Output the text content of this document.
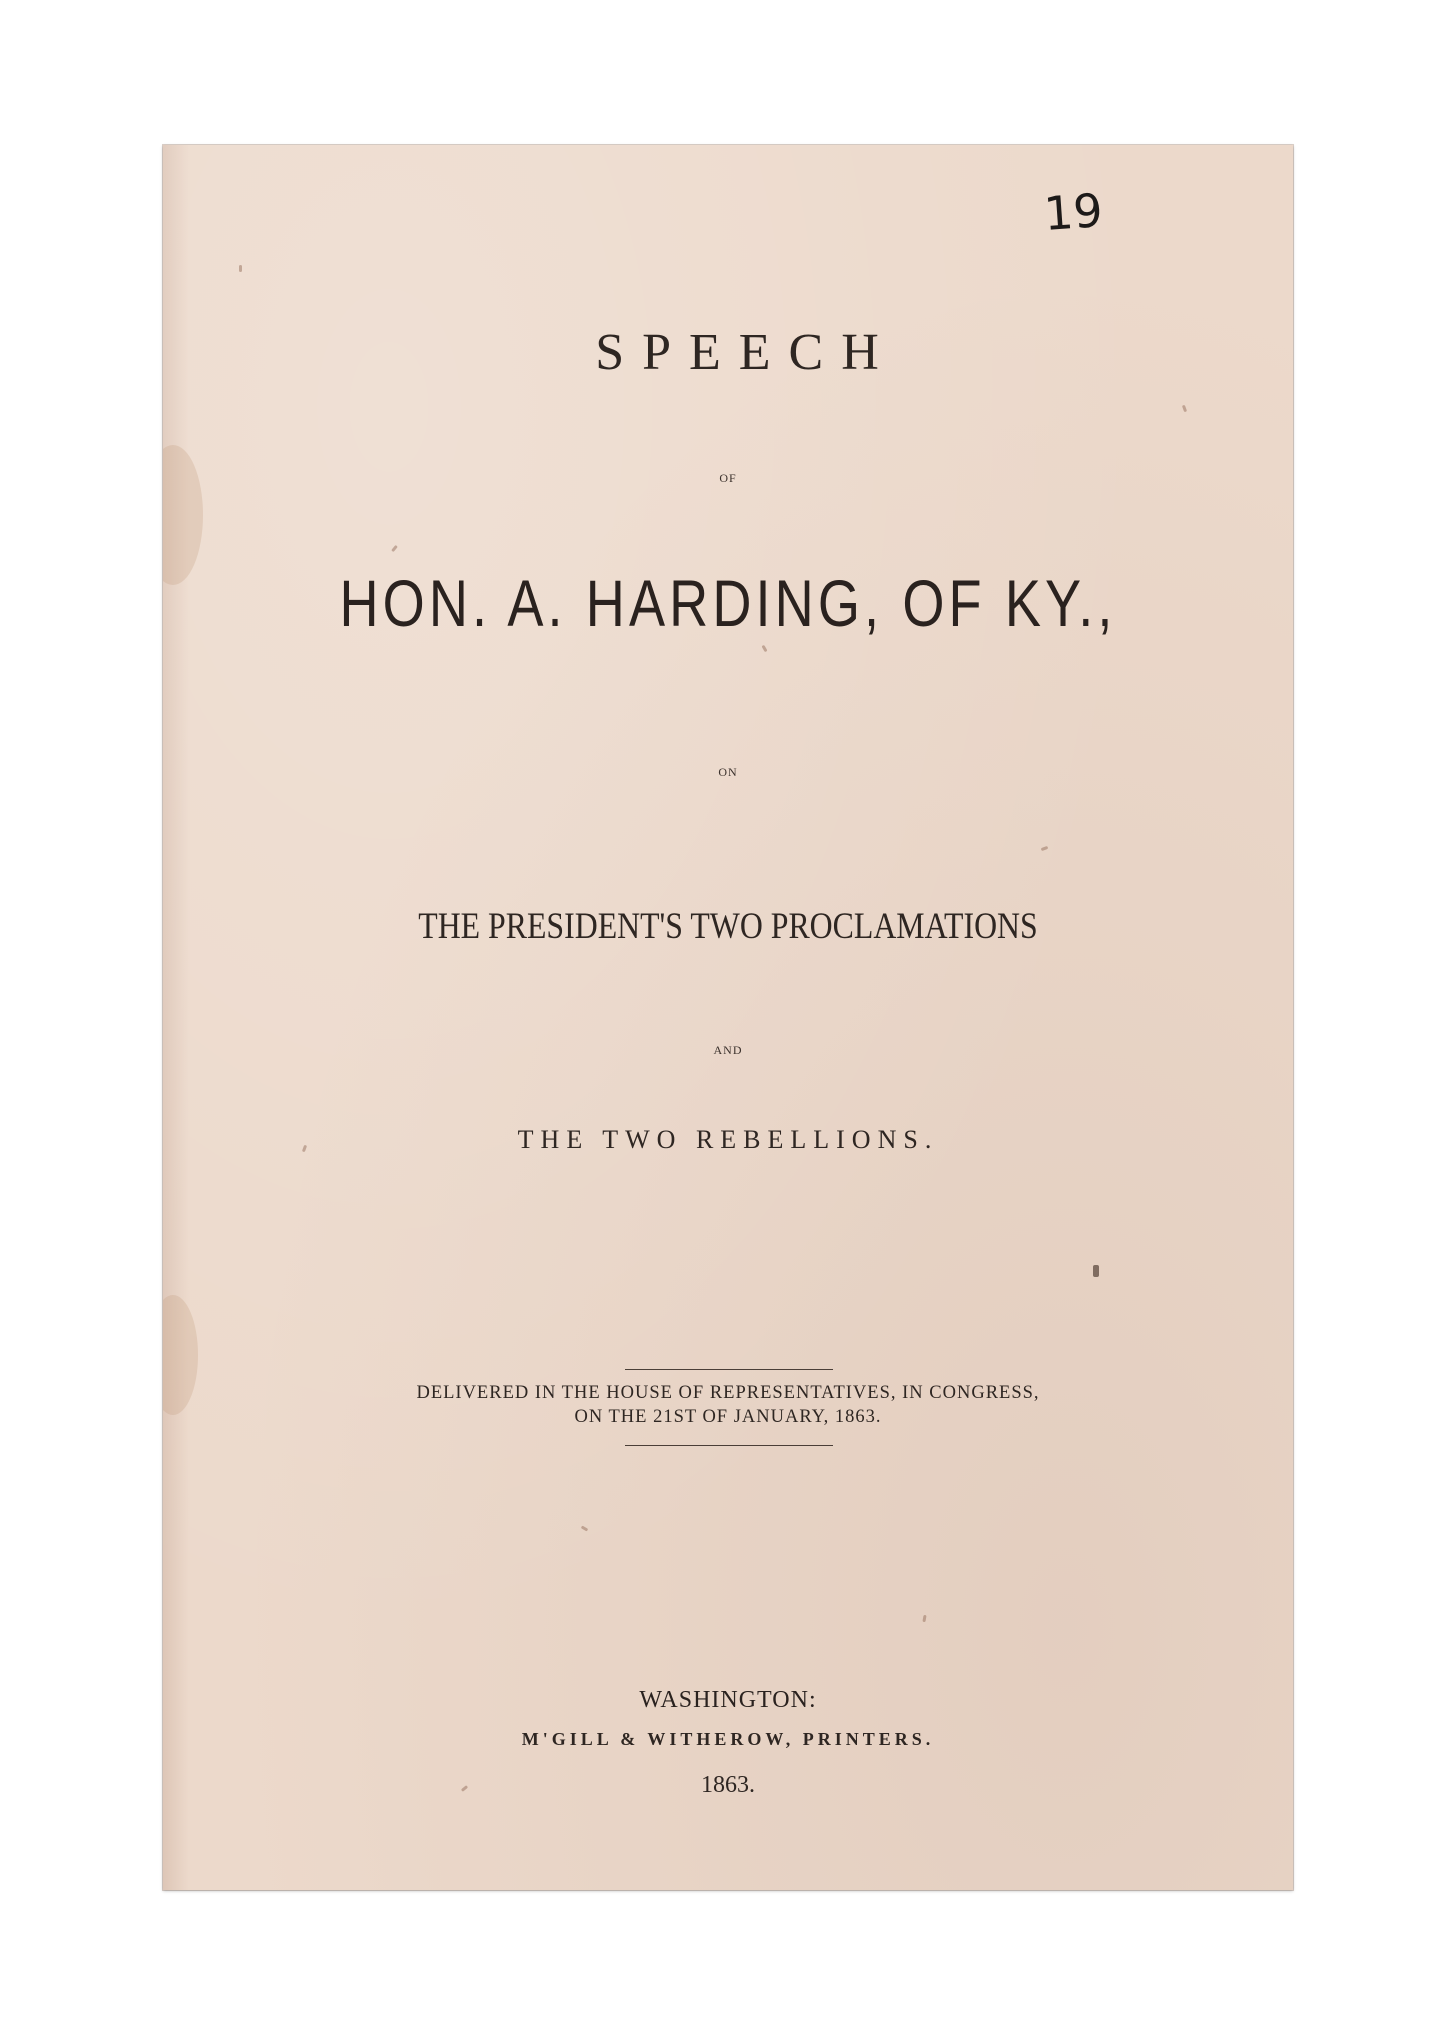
19
SPEECH
OF
HON. A. HARDING, OF KY.,
ON
THE PRESIDENT'S TWO PROCLAMATIONS
AND
THE TWO REBELLIONS.
DELIVERED IN THE HOUSE OF REPRESENTATIVES, IN CONGRESS,
ON THE 21ST OF JANUARY, 1863.
WASHINGTON:
M'GILL & WITHEROW, PRINTERS.
1863.
